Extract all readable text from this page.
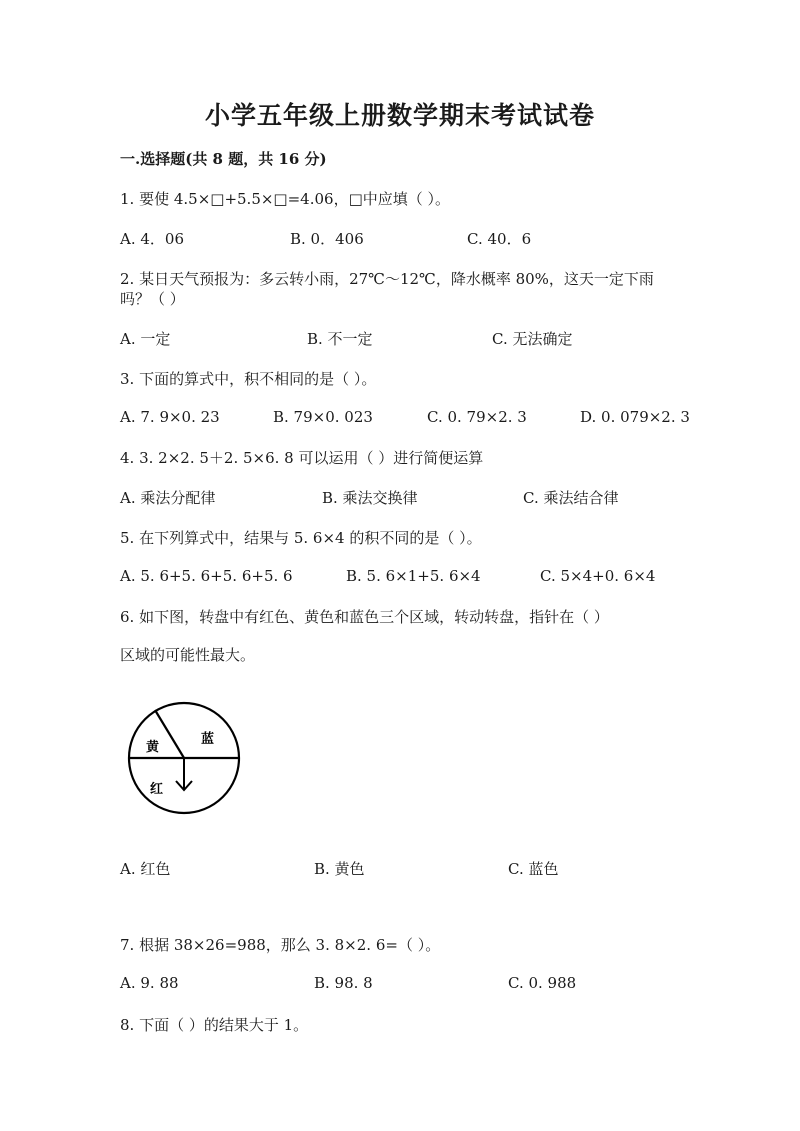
小学五年级上册数学期末考试试卷
一.选择题(共 8 题，共 16 分)
1. 要使 4.5×□+5.5×□=4.06，□中应填（ ）。
A. 4．06	B. 0．406	C. 40．6
2. 某日天气预报为：多云转小雨，27℃～12℃，降水概率 80%，这天一定下雨
吗？（ ）
A. 一定	B. 不一定	C. 无法确定
3. 下面的算式中，积不相同的是（ ）。
A. 7. 9×0. 23	B. 79×0. 023	C. 0. 79×2. 3	D. 0. 079×2. 3
4. 3. 2×2. 5＋2. 5×6. 8 可以运用（ ）进行简便运算
A. 乘法分配律	B. 乘法交换律	C. 乘法结合律
5. 在下列算式中，结果与 5. 6×4 的积不同的是（ ）。
A. 5. 6+5. 6+5. 6+5. 6	B. 5. 6×1+5. 6×4	C. 5×4+0. 6×4
6. 如下图，转盘中有红色、黄色和蓝色三个区域，转动转盘，指针在（ ）
区域的可能性最大。
黄
蓝
红
A. 红色	B. 黄色	C. 蓝色
7. 根据 38×26=988，那么 3. 8×2. 6=（ ）。
A. 9. 88	B. 98. 8	C. 0. 988
8. 下面（ ）的结果大于 1。
